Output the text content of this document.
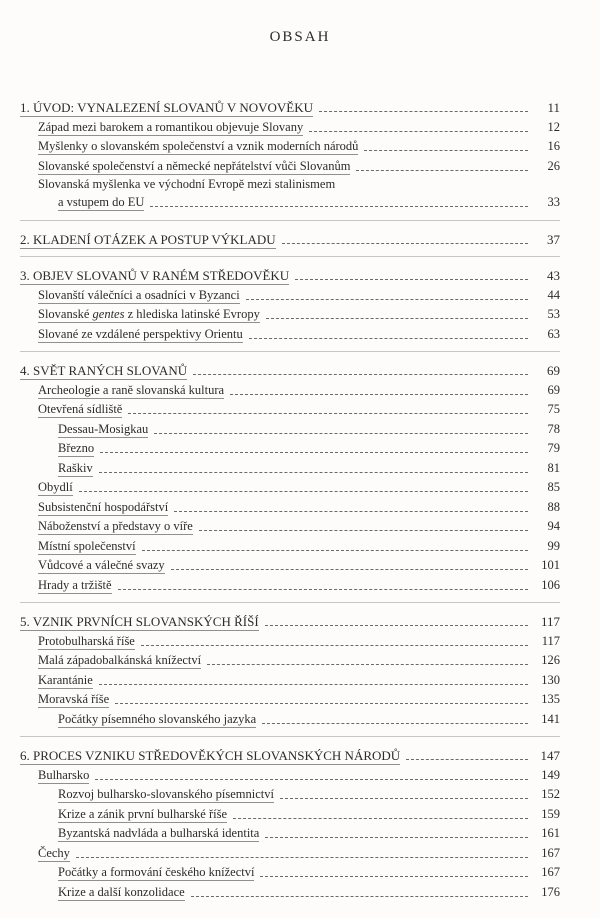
OBSAH
1. ÚVOD: VYNALEZENÍ SLOVANŮ V NOVOVĚKU	11
Západ mezi barokem a romantikou objevuje Slovany	12
Myšlenky o slovanském společenství a vznik moderních národů	16
Slovanské společenství a německé nepřátelství vůči Slovanům	26
Slovanská myšlenka ve východní Evropě mezi stalinismem
a vstupem do EU	33
2. KLADENÍ OTÁZEK A POSTUP VÝKLADU	37
3. OBJEV SLOVANŮ V RANÉM STŘEDOVĚKU	43
Slovanští válečníci a osadníci v Byzanci	44
Slovanské gentes z hlediska latinské Evropy	53
Slované ze vzdálené perspektivy Orientu	63
4. SVĚT RANÝCH SLOVANŮ	69
Archeologie a raně slovanská kultura	69
Otevřená sídliště	75
Dessau-Mosigkau	78
Březno	79
Raškiv	81
Obydlí	85
Subsistenční hospodářství	88
Náboženství a představy o víře	94
Místní společenství	99
Vůdcové a válečné svazy	101
Hrady a tržiště	106
5. VZNIK PRVNÍCH SLOVANSKÝCH ŘÍŠÍ	117
Protobulharská říše	117
Malá západobalkánská knížectví	126
Karantánie	130
Moravská říše	135
Počátky písemného slovanského jazyka	141
6. PROCES VZNIKU STŘEDOVĚKÝCH SLOVANSKÝCH NÁRODŮ	147
Bulharsko	149
Rozvoj bulharsko-slovanského písemnictví	152
Krize a zánik první bulharské říše	159
Byzantská nadvláda a bulharská identita	161
Čechy	167
Počátky a formování českého knížectví	167
Krize a další konzolidace	176
